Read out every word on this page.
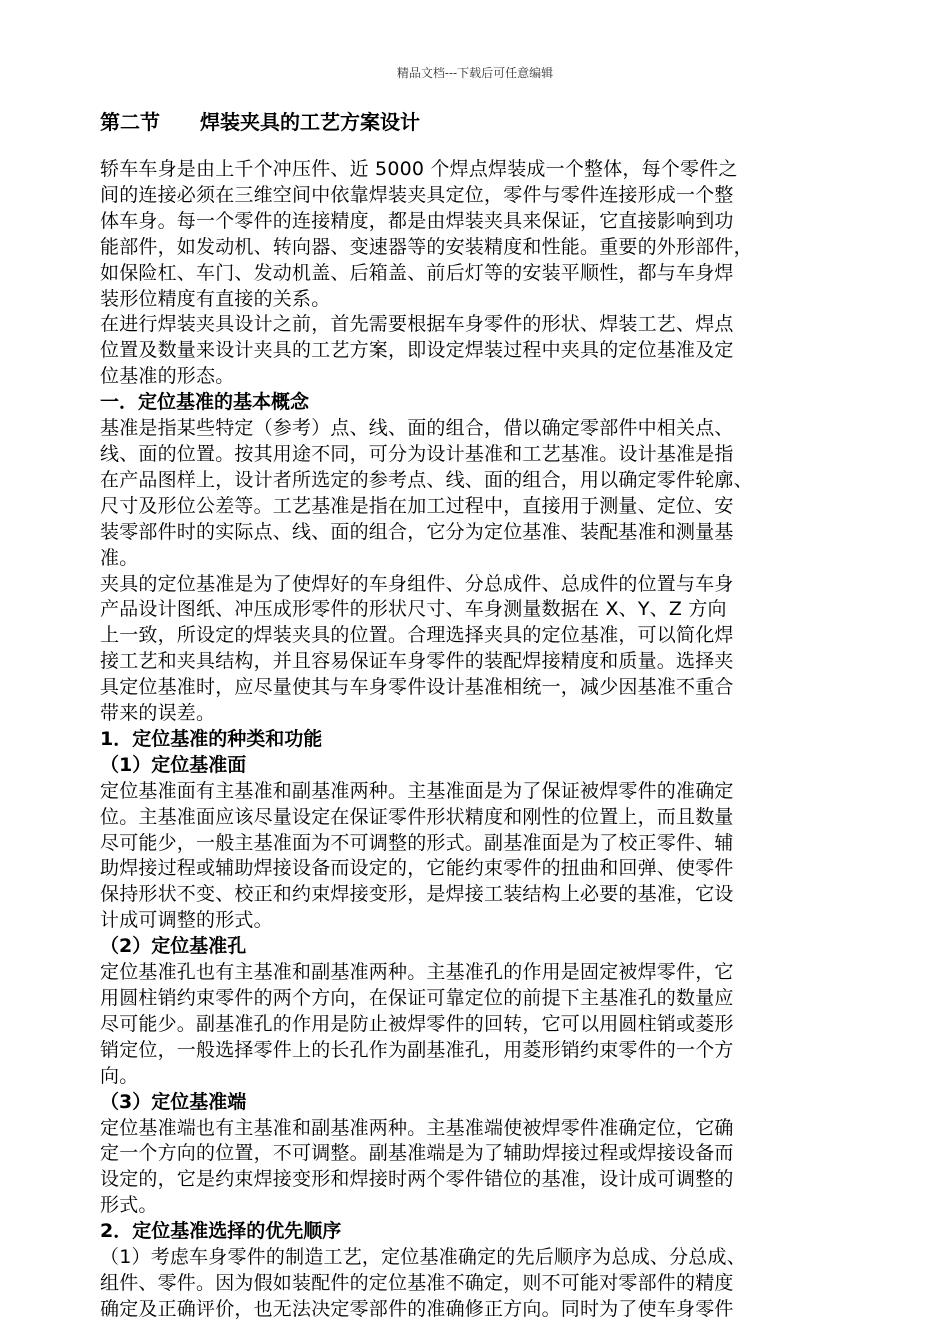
精品文档---下载后可任意编辑
第二节　　焊装夹具的工艺方案设计

轿车车身是由上千个冲压件、近 5000 个焊点焊装成一个整体，每个零件之

间的连接必须在三维空间中依靠焊装夹具定位，零件与零件连接形成一个整

体车身。每一个零件的连接精度，都是由焊装夹具来保证，它直接影响到功

能部件，如发动机、转向器、变速器等的安装精度和性能。重要的外形部件，

如保险杠、车门、发动机盖、后箱盖、前后灯等的安装平顺性，都与车身焊

装形位精度有直接的关系。

在进行焊装夹具设计之前，首先需要根据车身零件的形状、焊装工艺、焊点

位置及数量来设计夹具的工艺方案，即设定焊装过程中夹具的定位基准及定

位基准的形态。

一．定位基准的基本概念

基准是指某些特定（参考）点、线、面的组合，借以确定零部件中相关点、

线、面的位置。按其用途不同，可分为设计基准和工艺基准。设计基准是指

在产品图样上，设计者所选定的参考点、线、面的组合，用以确定零件轮廓、

尺寸及形位公差等。工艺基准是指在加工过程中，直接用于测量、定位、安

装零部件时的实际点、线、面的组合，它分为定位基准、装配基准和测量基

准。

夹具的定位基准是为了使焊好的车身组件、分总成件、总成件的位置与车身

产品设计图纸、冲压成形零件的形状尺寸、车身测量数据在 X、Y、Z 方向

上一致，所设定的焊装夹具的位置。合理选择夹具的定位基准，可以简化焊

接工艺和夹具结构，并且容易保证车身零件的装配焊接精度和质量。选择夹

具定位基准时，应尽量使其与车身零件设计基准相统一，减少因基准不重合

带来的误差。

1．定位基准的种类和功能

（1）定位基准面

定位基准面有主基准和副基准两种。主基准面是为了保证被焊零件的准确定

位。主基准面应该尽量设定在保证零件形状精度和刚性的位置上，而且数量

尽可能少，一般主基准面为不可调整的形式。副基准面是为了校正零件、辅

助焊接过程或辅助焊接设备而设定的，它能约束零件的扭曲和回弹、使零件

保持形状不变、校正和约束焊接变形，是焊接工装结构上必要的基准，它设

计成可调整的形式。

（2）定位基准孔

定位基准孔也有主基准和副基准两种。主基准孔的作用是固定被焊零件，它

用圆柱销约束零件的两个方向，在保证可靠定位的前提下主基准孔的数量应

尽可能少。副基准孔的作用是防止被焊零件的回转，它可以用圆柱销或菱形

销定位，一般选择零件上的长孔作为副基准孔，用菱形销约束零件的一个方

向。

（3）定位基准端

定位基准端也有主基准和副基准两种。主基准端使被焊零件准确定位，它确

定一个方向的位置，不可调整。副基准端是为了辅助焊接过程或焊接设备而

设定的，它是约束焊接变形和焊接时两个零件错位的基准，设计成可调整的

形式。

2．定位基准选择的优先顺序

（1）考虑车身零件的制造工艺，定位基准确定的先后顺序为总成、分总成、

组件、零件。因为假如装配件的定位基准不确定，则不可能对零部件的精度

确定及正确评价，也无法决定零部件的准确修正方向。同时为了使车身零件
